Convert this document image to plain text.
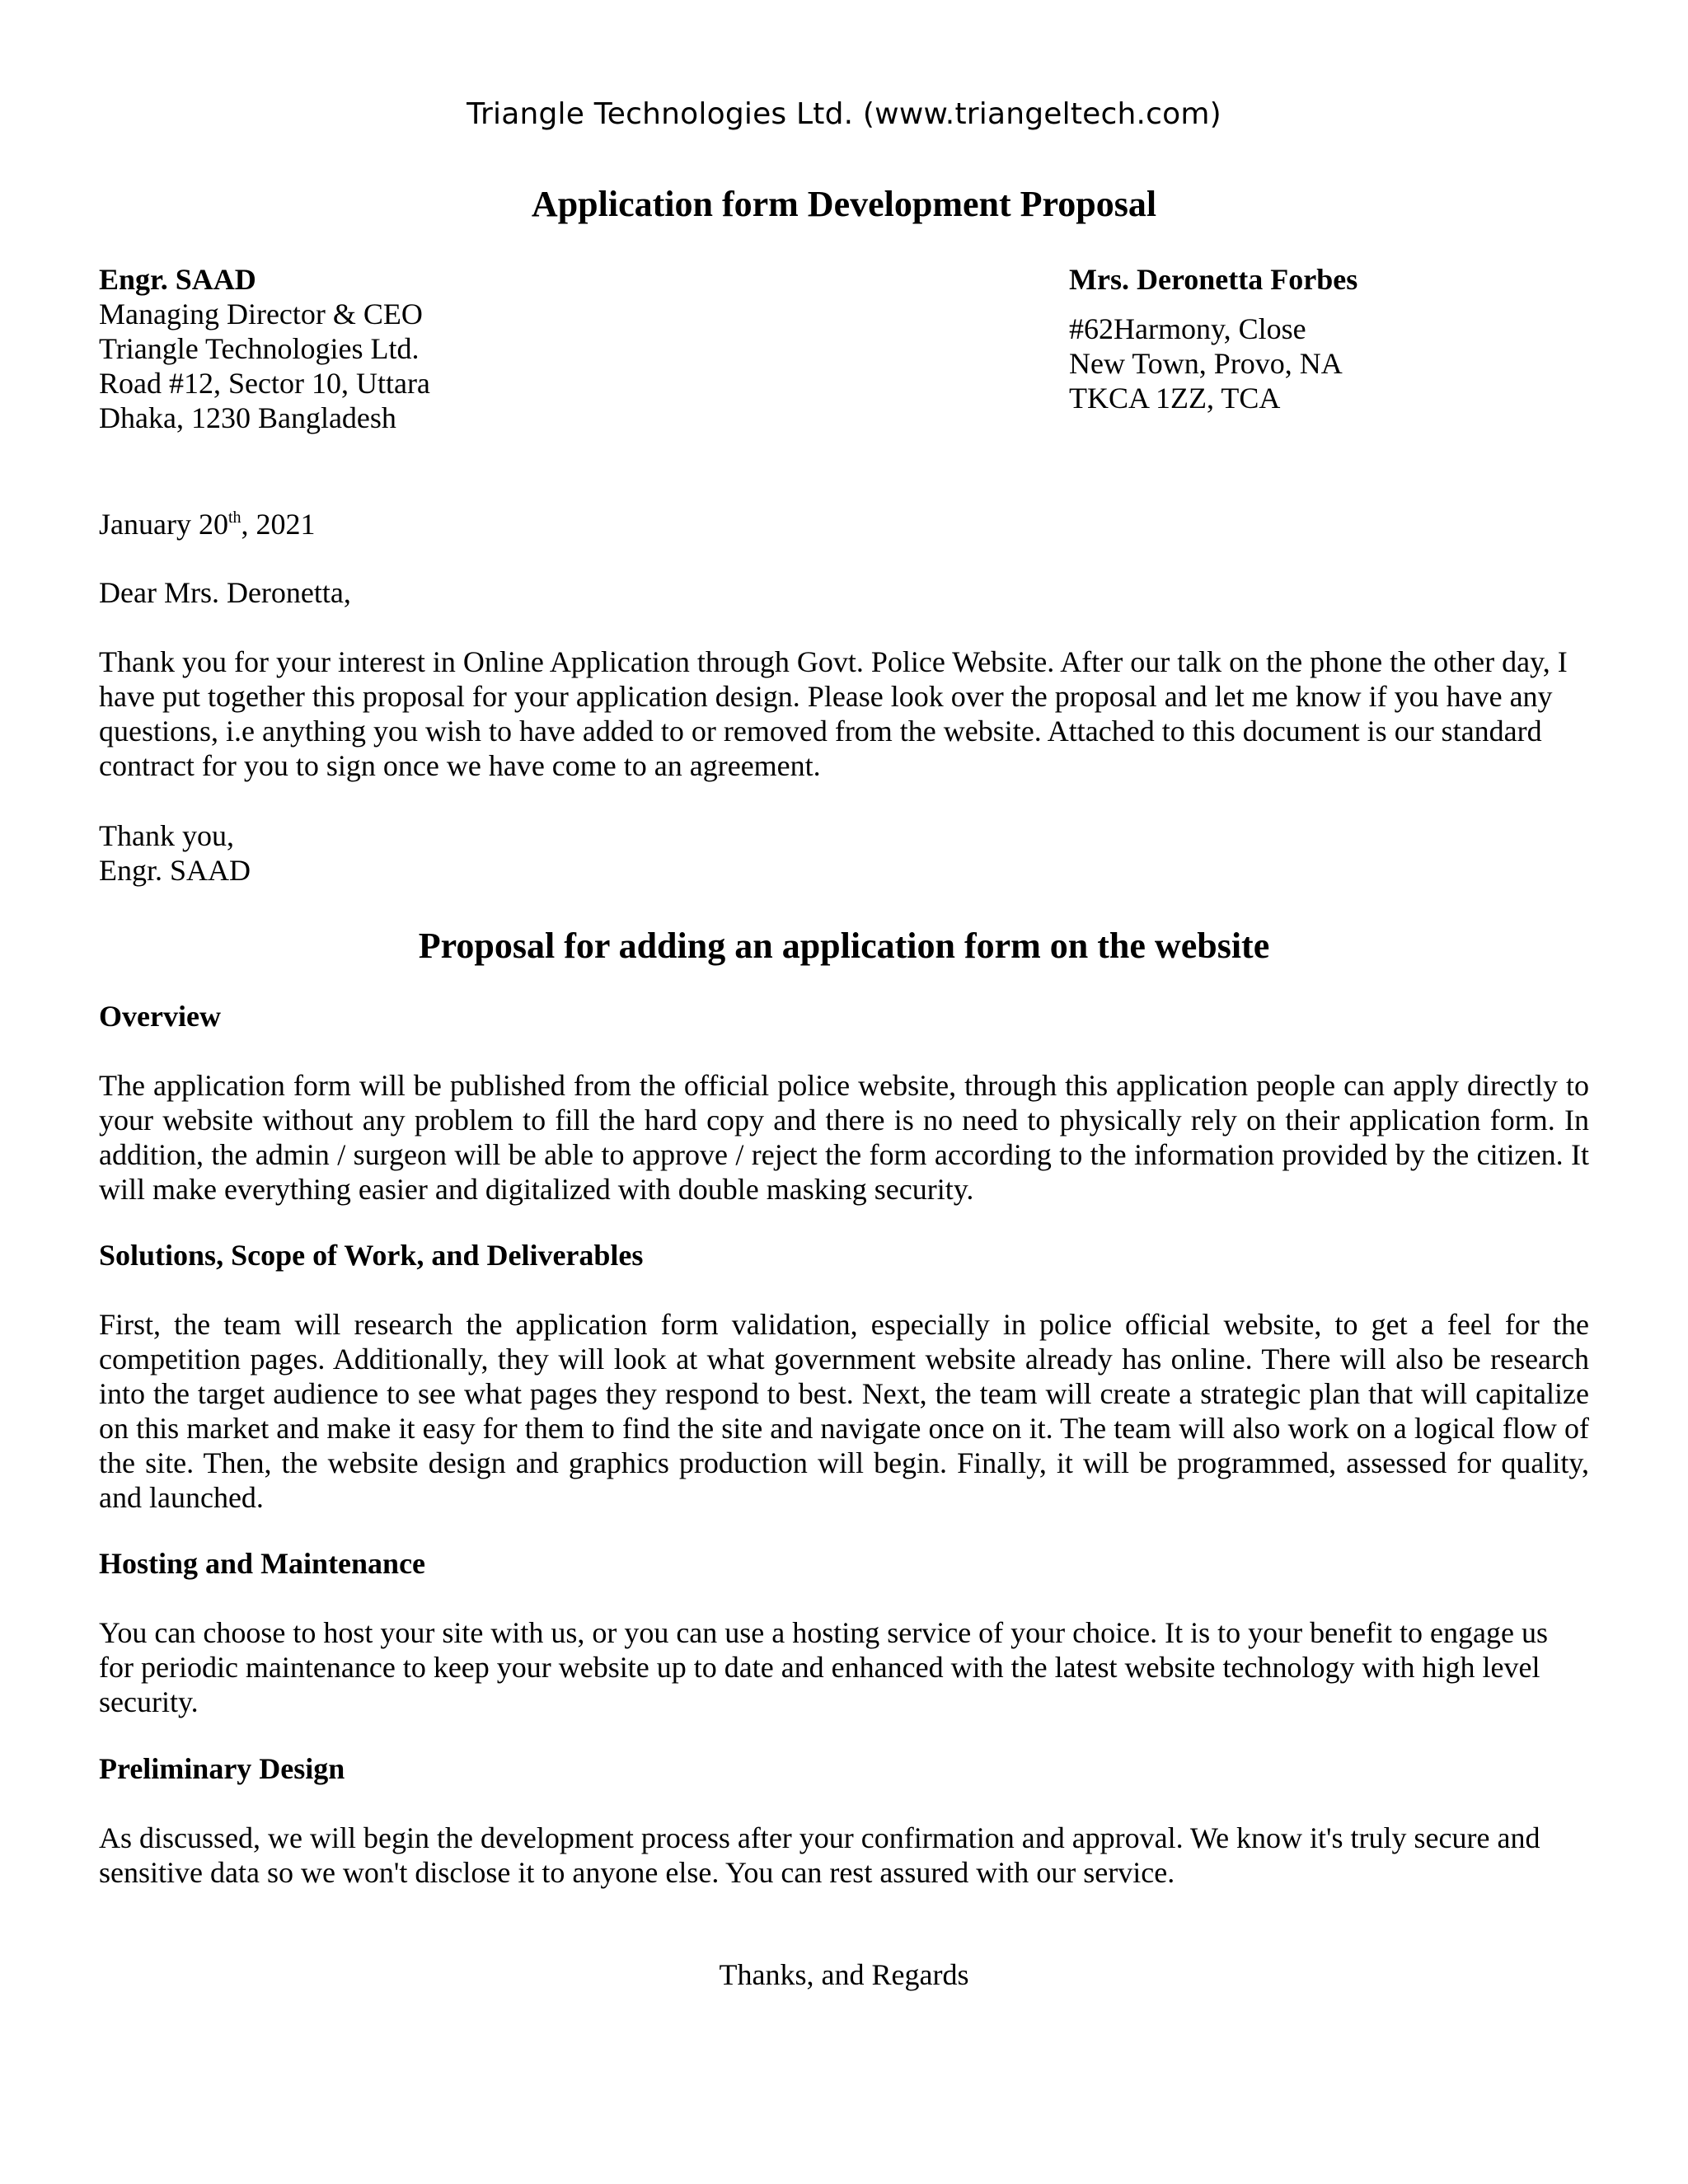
Triangle Technologies Ltd. (www.triangeltech.com)
Application form Development Proposal
Engr. SAAD
Managing Director & CEO
Triangle Technologies Ltd.
Road #12, Sector 10, Uttara
Dhaka, 1230 Bangladesh
Mrs. Deronetta Forbes
#62Harmony, Close
New Town, Provo, NA
TKCA 1ZZ, TCA
January 20th, 2021
Dear Mrs. Deronetta,
Thank you for your interest in Online Application through Govt. Police Website. After our talk on the phone the other day, I have put together this proposal for your application design. Please look over the proposal and let me know if you have any questions, i.e anything you wish to have added to or removed from the website. Attached to this document is our standard contract for you to sign once we have come to an agreement.
Thank you,
Engr. SAAD
Proposal for adding an application form on the website
Overview
The application form will be published from the official police website, through this application people can apply directly to your website without any problem to fill the hard copy and there is no need to physically rely on their application form. In addition, the admin / surgeon will be able to approve / reject the form according to the information provided by the citizen. It will make everything easier and digitalized with double masking security.
Solutions, Scope of Work, and Deliverables
First, the team will research the application form validation, especially in police official website, to get a feel for the competition pages. Additionally, they will look at what government website already has online. There will also be research into the target audience to see what pages they respond to best. Next, the team will create a strategic plan that will capitalize on this market and make it easy for them to find the site and navigate once on it. The team will also work on a logical flow of the site. Then, the website design and graphics production will begin. Finally, it will be programmed, assessed for quality, and launched.
Hosting and Maintenance
You can choose to host your site with us, or you can use a hosting service of your choice. It is to your benefit to engage us for periodic maintenance to keep your website up to date and enhanced with the latest website technology with high level security.
Preliminary Design
As discussed, we will begin the development process after your confirmation and approval. We know it's truly secure and sensitive data so we won't disclose it to anyone else. You can rest assured with our service.
Thanks, and Regards
